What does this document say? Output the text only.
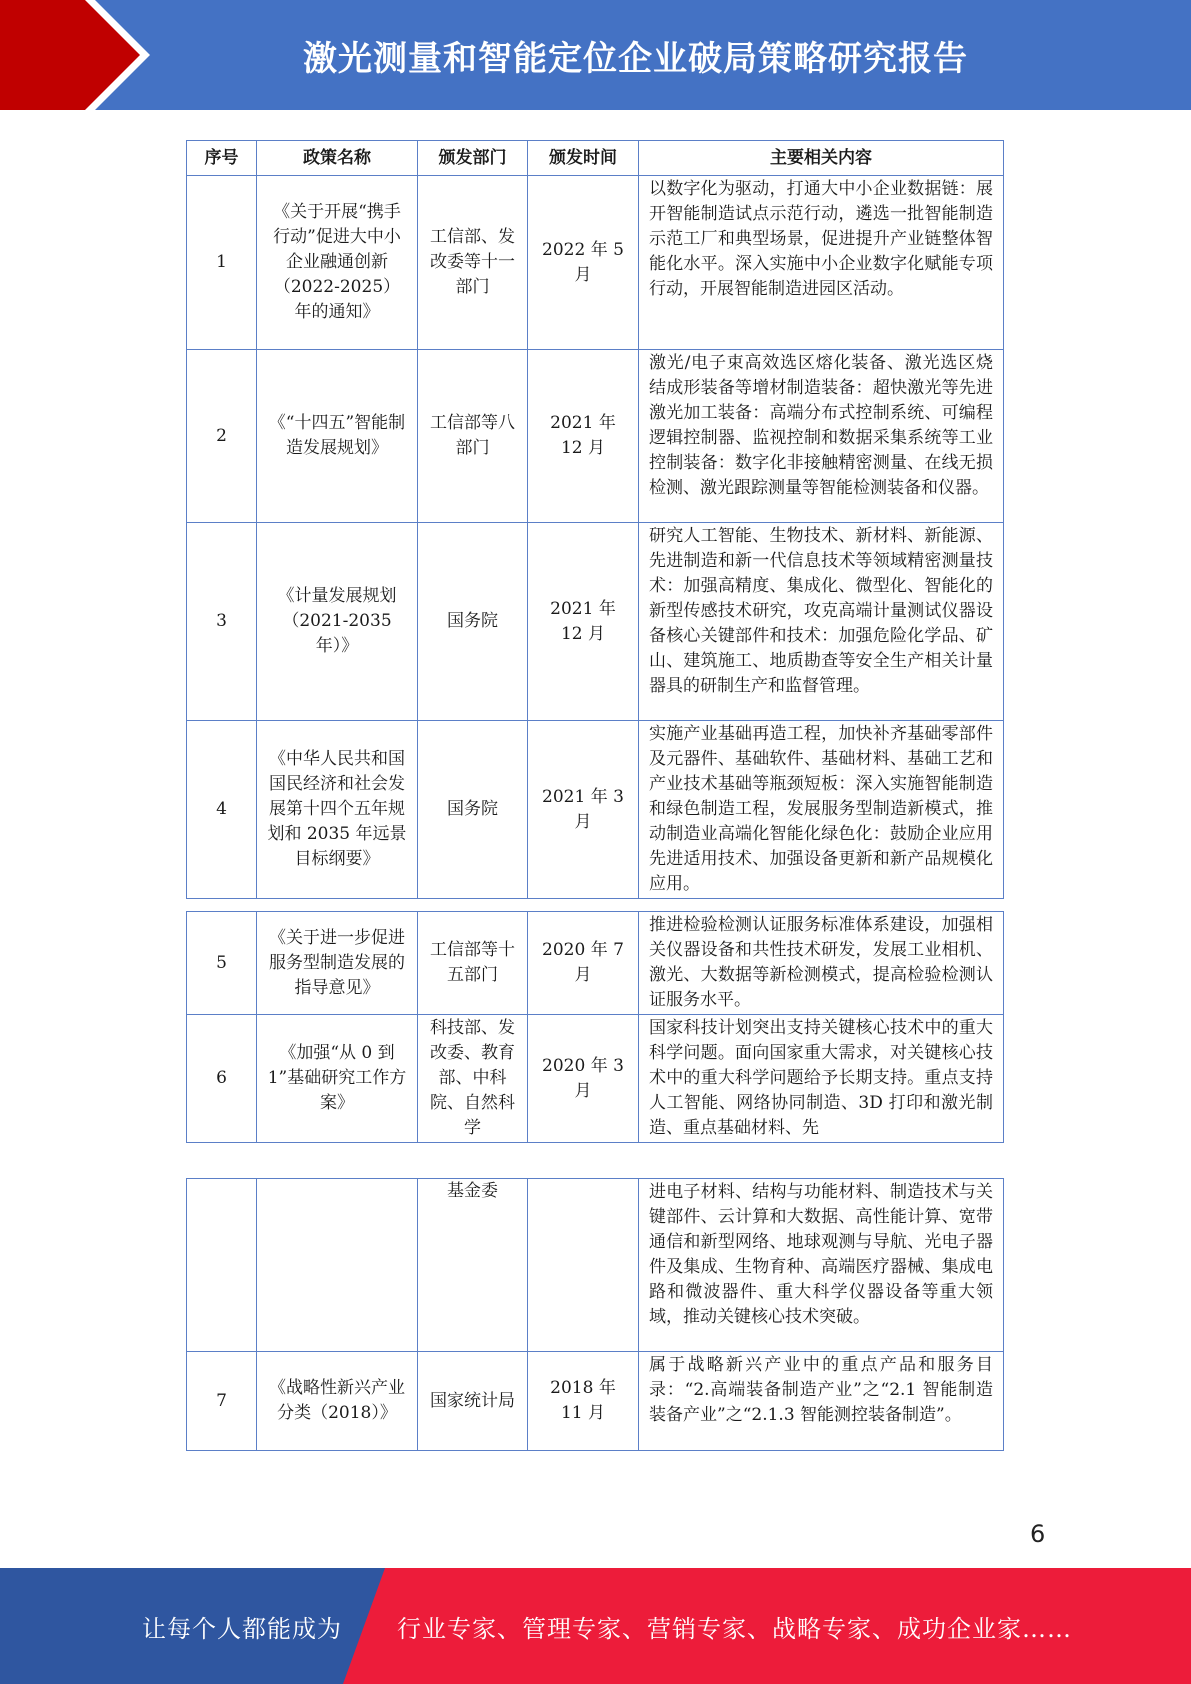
激光测量和智能定位企业破局策略研究报告
序号	政策名称	颁发部门	颁发时间	主要相关内容
1	《关于开展“携手行动”促进大中小企业融通创新（2022-2025）年的通知》	工信部、发改委等十一部门	2022 年 5 月	以数字化为驱动，打通大中小企业数据链：展开智能制造试点示范行动，遴选一批智能制造示范工厂和典型场景，促进提升产业链整体智能化水平。深入实施中小企业数字化赋能专项行动，开展智能制造进园区活动。
2	《“十四五”智能制造发展规划》	工信部等八部门	2021 年 12 月	激光/电子束高效选区熔化装备、激光选区烧结成形装备等增材制造装备：超快激光等先进激光加工装备：高端分布式控制系统、可编程逻辑控制器、监视控制和数据采集系统等工业控制装备：数字化非接触精密测量、在线无损检测、激光跟踪测量等智能检测装备和仪器。
3	《计量发展规划（2021-2035 年）》	国务院	2021 年 12 月	研究人工智能、生物技术、新材料、新能源、先进制造和新一代信息技术等领域精密测量技术：加强高精度、集成化、微型化、智能化的新型传感技术研究，攻克高端计量测试仪器设备核心关键部件和技术：加强危险化学品、矿山、建筑施工、地质勘查等安全生产相关计量器具的研制生产和监督管理。
4	《中华人民共和国国民经济和社会发展第十四个五年规划和 2035 年远景目标纲要》	国务院	2021 年 3 月	实施产业基础再造工程，加快补齐基础零部件及元器件、基础软件、基础材料、基础工艺和产业技术基础等瓶颈短板：深入实施智能制造和绿色制造工程，发展服务型制造新模式，推动制造业高端化智能化绿色化：鼓励企业应用先进适用技术、加强设备更新和新产品规模化应用。
5	《关于进一步促进服务型制造发展的指导意见》	工信部等十五部门	2020 年 7 月	推进检验检测认证服务标准体系建设，加强相关仪器设备和共性技术研发，发展工业相机、激光、大数据等新检测模式，提高检验检测认证服务水平。
6	《加强“从 0 到 1”基础研究工作方案》	科技部、发改委、教育部、中科院、自然科学	2020 年 3 月	国家科技计划突出支持关键核心技术中的重大科学问题。面向国家重大需求，对关键核心技术中的重大科学问题给予长期支持。重点支持人工智能、网络协同制造、3D 打印和激光制造、重点基础材料、先
		基金委		进电子材料、结构与功能材料、制造技术与关键部件、云计算和大数据、高性能计算、宽带通信和新型网络、地球观测与导航、光电子器件及集成、生物育种、高端医疗器械、集成电路和微波器件、重大科学仪器设备等重大领域，推动关键核心技术突破。
7	《战略性新兴产业分类（2018）》	国家统计局	2018 年 11 月	属于战略新兴产业中的重点产品和服务目录：“2.高端装备制造产业”之“2.1 智能制造装备产业”之“2.1.3 智能测控装备制造”。
6
让每个人都能成为 行业专家、管理专家、营销专家、战略专家、成功企业家……
